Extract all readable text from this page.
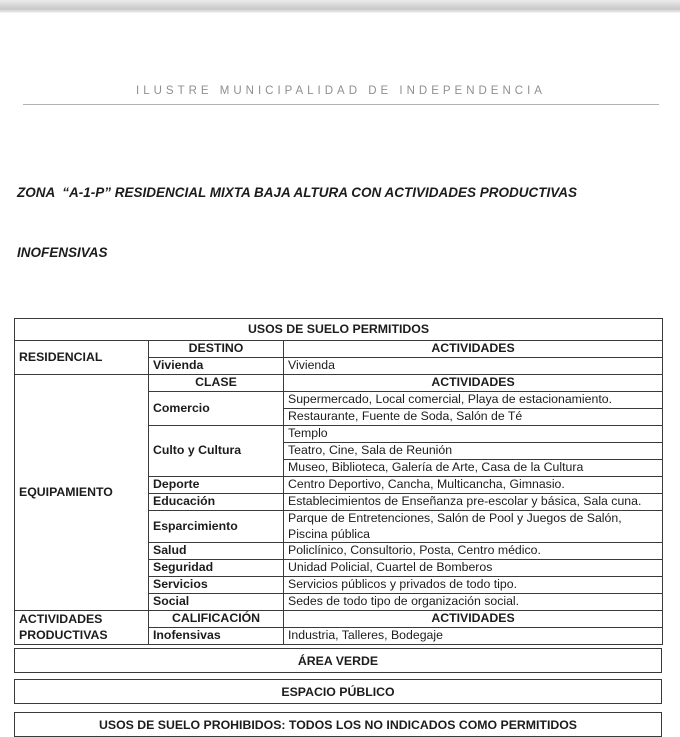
ILUSTRE MUNICIPALIDAD DE INDEPENDENCIA

ZONA  “A-1-P” RESIDENCIAL MIXTA BAJA ALTURA CON ACTIVIDADES PRODUCTIVAS

INOFENSIVAS

USOS DE SUELO PERMITIDOS		
RESIDENCIAL	DESTINO	ACTIVIDADES
	Vivienda	Vivienda
EQUIPAMIENTO	CLASE	ACTIVIDADES
	Comercio	Supermercado, Local comercial, Playa de estacionamiento.
		Restaurante, Fuente de Soda, Salón de Té
	Culto y Cultura	Templo
		Teatro, Cine, Sala de Reunión
		Museo, Biblioteca, Galería de Arte, Casa de la Cultura
	Deporte	Centro Deportivo, Cancha, Multicancha, Gimnasio.
	Educación	Establecimientos de Enseñanza pre-escolar y básica, Sala cuna.
	Esparcimiento	Parque de Entretenciones, Salón de Pool y Juegos de Salón, Piscina pública
	Salud	Policlínico, Consultorio, Posta, Centro médico.
	Seguridad	Unidad Policial, Cuartel de Bomberos
	Servicios	Servicios públicos y privados de todo tipo.
	Social	Sedes de todo tipo de organización social.
ACTIVIDADES PRODUCTIVAS	CALIFICACIÓN	ACTIVIDADES
	Inofensivas	Industria, Talleres, Bodegaje
ÁREA VERDE
ESPACIO PÚBLICO
USOS DE SUELO PROHIBIDOS: TODOS LOS NO INDICADOS COMO PERMITIDOS
